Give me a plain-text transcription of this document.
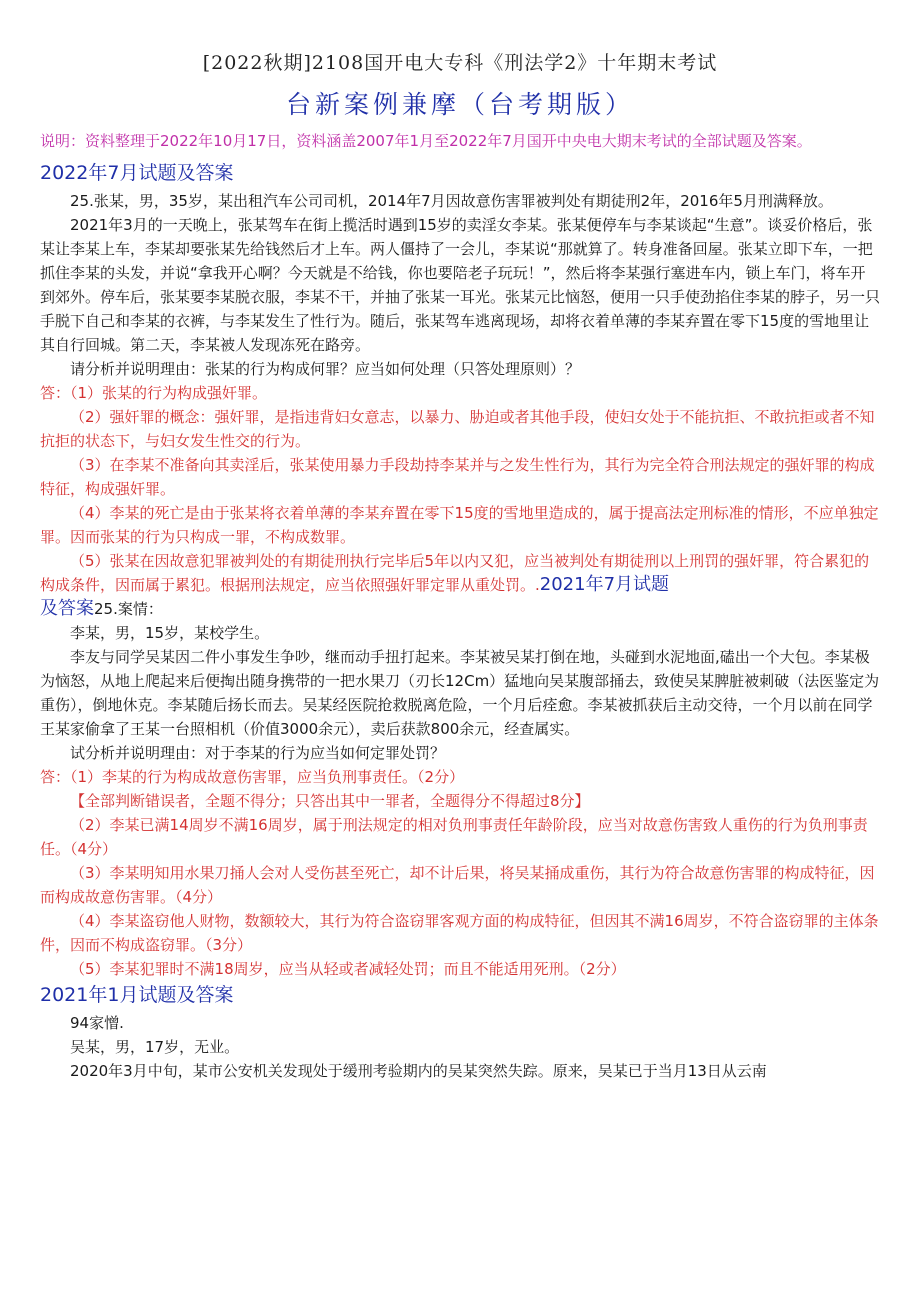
[2022秋期]2108国开电大专科《刑法学2》十年期末考试
台新案例兼摩（台考期版）

说明：资料整理于2022年10月17日，资料涵盖2007年1月至2022年7月国开中央电大期末考试的全部试题及答案。

2022年7月试题及答案

25.张某，男，35岁，某出租汽车公司司机，2014年7月因故意伤害罪被判处有期徒刑2年，2016年5月刑满释放。

2021年3月的一天晚上，张某驾车在街上揽活时遇到15岁的卖淫女李某。张某便停车与李某谈起“生意”。谈妥价格后，张某让李某上车，李某却要张某先给钱然后才上车。两人僵持了一会儿，李某说“那就算了。转身准备回屋。张某立即下车，一把抓住李某的头发，并说“拿我开心啊？今天就是不给钱，你也要陪老子玩玩！”，然后将李某强行塞进车内，锁上车门，将车开到郊外。停车后，张某要李某脱衣服，李某不干，并抽了张某一耳光。张某元比恼怒，便用一只手使劲掐住李某的脖子，另一只手脱下自己和李某的衣裤，与李某发生了性行为。随后，张某驾车逃离现场，却将衣着单薄的李某弃置在零下15度的雪地里让其自行回城。第二天，李某被人发现冻死在路旁。

请分析并说明理由：张某的行为构成何罪？应当如何处理（只答处理原则）？

答：（1）张某的行为构成强奸罪。

（2）强奸罪的概念：强奸罪，是指违背妇女意志，以暴力、胁迫或者其他手段，使妇女处于不能抗拒、不敢抗拒或者不知抗拒的状态下，与妇女发生性交的行为。

（3）在李某不准备向其卖淫后，张某使用暴力手段劫持李某并与之发生性行为，其行为完全符合刑法规定的强奸罪的构成特征，构成强奸罪。

（4）李某的死亡是由于张某将衣着单薄的李某弃置在零下15度的雪地里造成的，属于提高法定刑标准的情形，不应单独定罪。因而张某的行为只构成一罪，不构成数罪。

（5）张某在因故意犯罪被判处的有期徒刑执行完毕后5年以内又犯，应当被判处有期徒刑以上刑罚的强奸罪，符合累犯的构成条件，因而属于累犯。根据刑法规定，应当依照强奸罪定罪从重处罚。.2021年7月试题

及答案25.案情：

李某，男，15岁，某校学生。

李友与同学吴某因二件小事发生争吵，继而动手扭打起来。李某被吴某打倒在地，头碰到水泥地面,磕出一个大包。李某极为恼怒，从地上爬起来后便掏出随身携带的一把水果刀（刃长12Cm）猛地向吴某腹部捅去，致使吴某脾脏被刺破（法医鉴定为重伤），倒地休克。李某随后扬长而去。吴某经医院抢救脱离危险，一个月后痊愈。李某被抓获后主动交待，一个月以前在同学王某家偷拿了王某一台照相机（价值3000余元），卖后获款800余元，经查属实。

试分析并说明理由：对于李某的行为应当如何定罪处罚？

答：（1）李某的行为构成故意伤害罪，应当负刑事责任。（2分）

【全部判断错误者，全题不得分；只答出其中一罪者，全题得分不得超过8分】

（2）李某已满14周岁不满16周岁，属于刑法规定的相对负刑事责任年龄阶段，应当对故意伤害致人重伤的行为负刑事责任。（4分）

（3）李某明知用水果刀捅人会对人受伤甚至死亡，却不计后果，将吴某捅成重伤，其行为符合故意伤害罪的构成特征，因而构成故意伤害罪。（4分）

（4）李某盗窃他人财物，数额较大，其行为符合盗窃罪客观方面的构成特征，但因其不满16周岁，不符合盗窃罪的主体条件，因而不构成盗窃罪。（3分）

（5）李某犯罪时不满18周岁，应当从轻或者减轻处罚；而且不能适用死刑。（2分）

2021年1月试题及答案

94家憎.

吴某，男，17岁，无业。

2020年3月中旬，某市公安机关发现处于缓刑考验期内的吴某突然失踪。原来，吴某已于当月13日从云南
